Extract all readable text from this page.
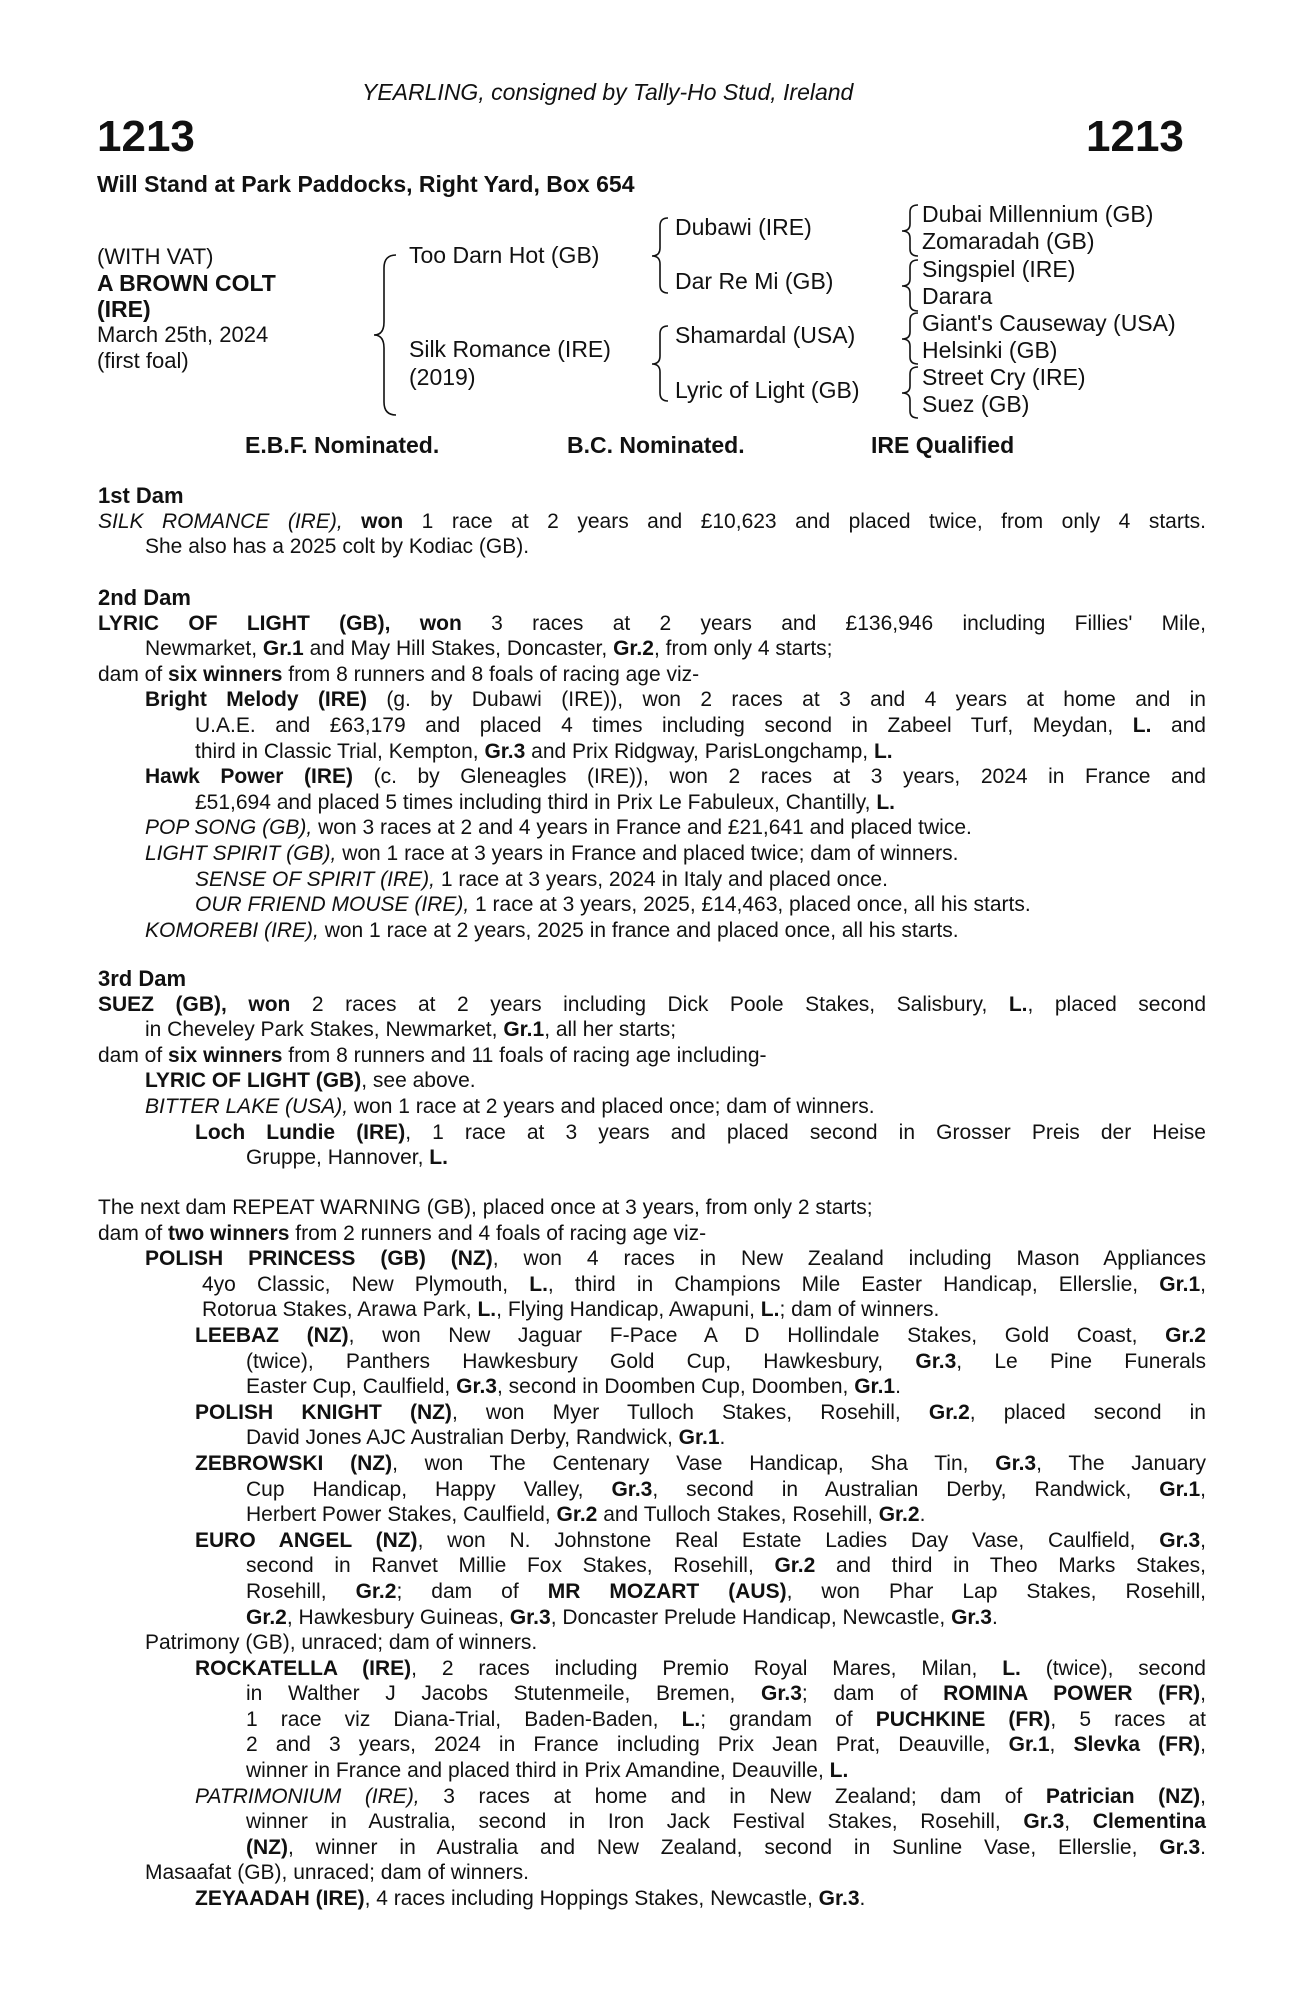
YEARLING, consigned by Tally-Ho Stud, Ireland
1213	1213
Will Stand at Park Paddocks, Right Yard, Box 654
(WITH VAT)
A BROWN COLT
(IRE)
March 25th, 2024
(first foal)
Too Darn Hot (GB)
Silk Romance (IRE)
(2019)
Dubawi (IRE)
Dar Re Mi (GB)
Shamardal (USA)
Lyric of Light (GB)
Dubai Millennium (GB)
Zomaradah (GB)
Singspiel (IRE)
Darara
Giant's Causeway (USA)
Helsinki (GB)
Street Cry (IRE)
Suez (GB)
E.B.F. Nominated.	B.C. Nominated.	IRE Qualified
1st Dam
SILK ROMANCE (IRE), won 1 race at 2 years and £10,623 and placed twice, from only 4 starts.
She also has a 2025 colt by Kodiac (GB).
2nd Dam
LYRIC OF LIGHT (GB), won 3 races at 2 years and £136,946 including Fillies' Mile,
Newmarket, Gr.1 and May Hill Stakes, Doncaster, Gr.2, from only 4 starts;
dam of six winners from 8 runners and 8 foals of racing age viz-
Bright Melody (IRE) (g. by Dubawi (IRE)), won 2 races at 3 and 4 years at home and in
U.A.E. and £63,179 and placed 4 times including second in Zabeel Turf, Meydan, L. and
third in Classic Trial, Kempton, Gr.3 and Prix Ridgway, ParisLongchamp, L.
Hawk Power (IRE) (c. by Gleneagles (IRE)), won 2 races at 3 years, 2024 in France and
£51,694 and placed 5 times including third in Prix Le Fabuleux, Chantilly, L.
POP SONG (GB), won 3 races at 2 and 4 years in France and £21,641 and placed twice.
LIGHT SPIRIT (GB), won 1 race at 3 years in France and placed twice; dam of winners.
SENSE OF SPIRIT (IRE), 1 race at 3 years, 2024 in Italy and placed once.
OUR FRIEND MOUSE (IRE), 1 race at 3 years, 2025, £14,463, placed once, all his starts.
KOMOREBI (IRE), won 1 race at 2 years, 2025 in france and placed once, all his starts.
3rd Dam
SUEZ (GB), won 2 races at 2 years including Dick Poole Stakes, Salisbury, L., placed second
in Cheveley Park Stakes, Newmarket, Gr.1, all her starts;
dam of six winners from 8 runners and 11 foals of racing age including-
LYRIC OF LIGHT (GB), see above.
BITTER LAKE (USA), won 1 race at 2 years and placed once; dam of winners.
Loch Lundie (IRE), 1 race at 3 years and placed second in Grosser Preis der Heise
Gruppe, Hannover, L.
The next dam REPEAT WARNING (GB), placed once at 3 years, from only 2 starts;
dam of two winners from 2 runners and 4 foals of racing age viz-
POLISH PRINCESS (GB) (NZ), won 4 races in New Zealand including Mason Appliances
4yo Classic, New Plymouth, L., third in Champions Mile Easter Handicap, Ellerslie, Gr.1,
Rotorua Stakes, Arawa Park, L., Flying Handicap, Awapuni, L.; dam of winners.
LEEBAZ (NZ), won New Jaguar F-Pace A D Hollindale Stakes, Gold Coast, Gr.2
(twice), Panthers Hawkesbury Gold Cup, Hawkesbury, Gr.3, Le Pine Funerals
Easter Cup, Caulfield, Gr.3, second in Doomben Cup, Doomben, Gr.1.
POLISH KNIGHT (NZ), won Myer Tulloch Stakes, Rosehill, Gr.2, placed second in
David Jones AJC Australian Derby, Randwick, Gr.1.
ZEBROWSKI (NZ), won The Centenary Vase Handicap, Sha Tin, Gr.3, The January
Cup Handicap, Happy Valley, Gr.3, second in Australian Derby, Randwick, Gr.1,
Herbert Power Stakes, Caulfield, Gr.2 and Tulloch Stakes, Rosehill, Gr.2.
EURO ANGEL (NZ), won N. Johnstone Real Estate Ladies Day Vase, Caulfield, Gr.3,
second in Ranvet Millie Fox Stakes, Rosehill, Gr.2 and third in Theo Marks Stakes,
Rosehill, Gr.2; dam of MR MOZART (AUS), won Phar Lap Stakes, Rosehill,
Gr.2, Hawkesbury Guineas, Gr.3, Doncaster Prelude Handicap, Newcastle, Gr.3.
Patrimony (GB), unraced; dam of winners.
ROCKATELLA (IRE), 2 races including Premio Royal Mares, Milan, L. (twice), second
in Walther J Jacobs Stutenmeile, Bremen, Gr.3; dam of ROMINA POWER (FR),
1 race viz Diana-Trial, Baden-Baden, L.; grandam of PUCHKINE (FR), 5 races at
2 and 3 years, 2024 in France including Prix Jean Prat, Deauville, Gr.1, Slevka (FR),
winner in France and placed third in Prix Amandine, Deauville, L.
PATRIMONIUM (IRE), 3 races at home and in New Zealand; dam of Patrician (NZ),
winner in Australia, second in Iron Jack Festival Stakes, Rosehill, Gr.3, Clementina
(NZ), winner in Australia and New Zealand, second in Sunline Vase, Ellerslie, Gr.3.
Masaafat (GB), unraced; dam of winners.
ZEYAADAH (IRE), 4 races including Hoppings Stakes, Newcastle, Gr.3.
